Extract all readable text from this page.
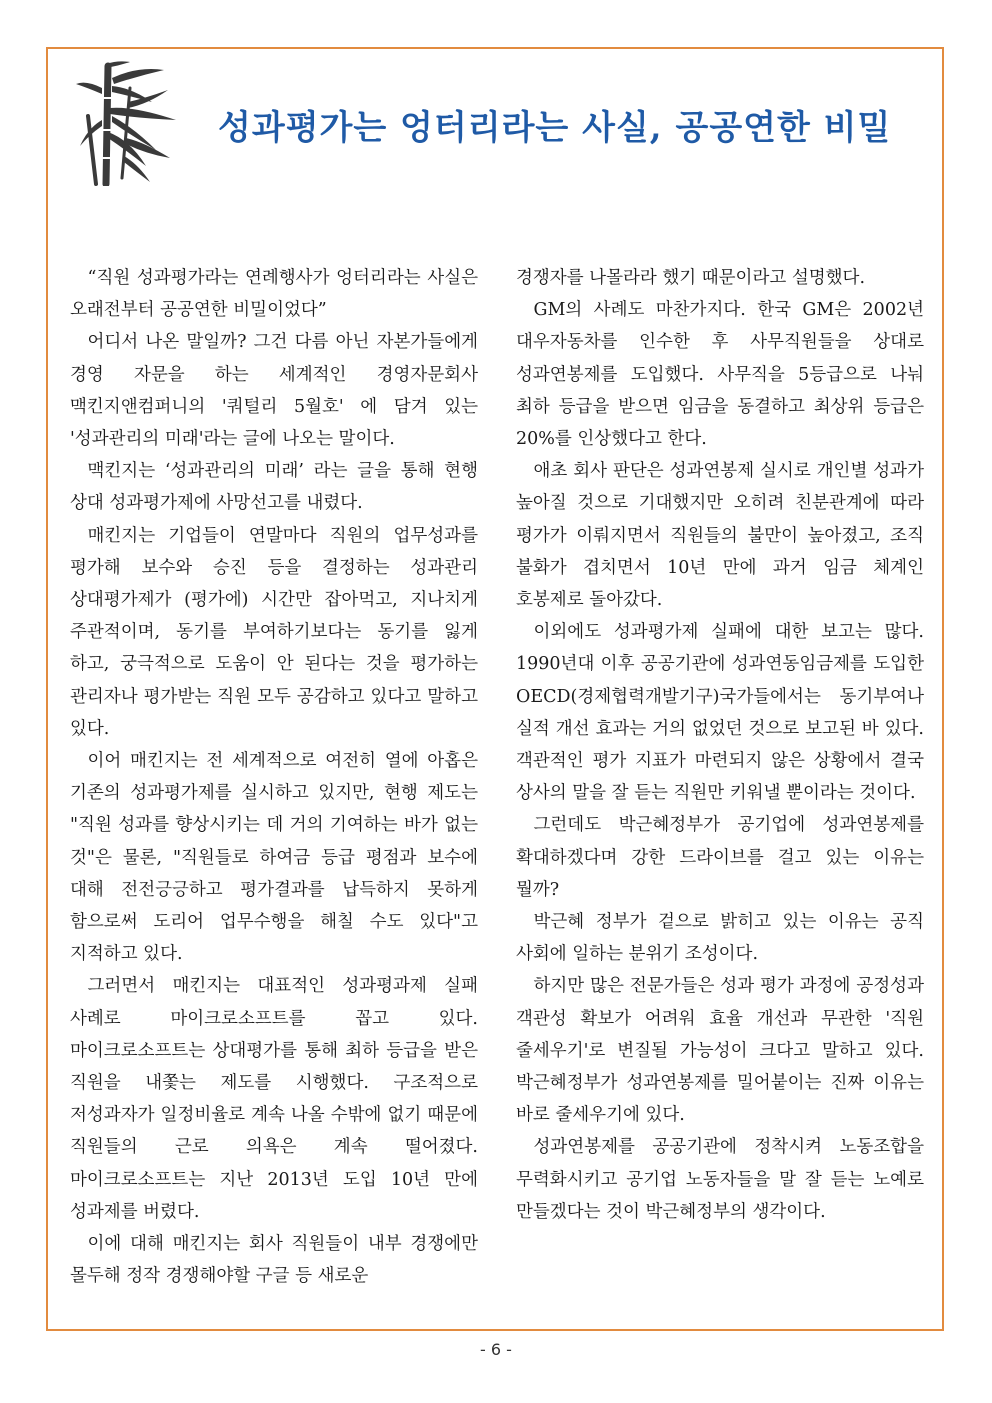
성과평가는 엉터리라는 사실, 공공연한 비밀

“직원 성과평가라는 연례행사가 엉터리라는 사실은 오래전부터 공공연한 비밀이었다”

어디서 나온 말일까? 그건 다름 아닌 자본가들에게 경영 자문을 하는 세계적인 경영자문회사 맥킨지앤컴퍼니의 '쿼털리 5월호' 에 담겨 있는 '성과관리의 미래'라는 글에 나오는 말이다.

맥킨지는 ‘성과관리의 미래’ 라는 글을 통해 현행 상대 성과평가제에 사망선고를 내렸다.

매킨지는 기업들이 연말마다 직원의 업무성과를 평가해 보수와 승진 등을 결정하는 성과관리 상대평가제가 (평가에) 시간만 잡아먹고, 지나치게 주관적이며, 동기를 부여하기보다는 동기를 잃게 하고, 궁극적으로 도움이 안 된다는 것을 평가하는 관리자나 평가받는 직원 모두 공감하고 있다고 말하고 있다.

이어 매킨지는 전 세계적으로 여전히 열에 아홉은 기존의 성과평가제를 실시하고 있지만, 현행 제도는 "직원 성과를 향상시키는 데 거의 기여하는 바가 없는 것"은 물론, "직원들로 하여금 등급 평점과 보수에 대해 전전긍긍하고 평가결과를 납득하지 못하게 함으로써 도리어 업무수행을 해칠 수도 있다"고 지적하고 있다.

그러면서 매킨지는 대표적인 성과평과제 실패 사례로 마이크로소프트를 꼽고 있다. 마이크로소프트는 상대평가를 통해 최하 등급을 받은 직원을 내쫓는 제도를 시행했다. 구조적으로 저성과자가 일정비율로 계속 나올 수밖에 없기 때문에 직원들의 근로 의욕은 계속 떨어졌다. 마이크로소프트는 지난 2013년 도입 10년 만에 성과제를 버렸다.

이에 대해 매킨지는 회사 직원들이 내부 경쟁에만 몰두해 정작 경쟁해야할 구글 등 새로운

경쟁자를 나몰라라 했기 때문이라고 설명했다.

GM의 사례도 마찬가지다. 한국 GM은 2002년 대우자동차를 인수한 후 사무직원들을 상대로 성과연봉제를 도입했다. 사무직을 5등급으로 나눠 최하 등급을 받으면 임금을 동결하고 최상위 등급은 20%를 인상했다고 한다.

애초 회사 판단은 성과연봉제 실시로 개인별 성과가 높아질 것으로 기대했지만 오히려 친분관계에 따라 평가가 이뤄지면서 직원들의 불만이 높아졌고, 조직 불화가 겹치면서 10년 만에 과거 임금 체계인 호봉제로 돌아갔다.

이외에도 성과평가제 실패에 대한 보고는 많다. 1990년대 이후 공공기관에 성과연동임금제를 도입한 OECD(경제협력개발기구)국가들에서는 동기부여나 실적 개선 효과는 거의 없었던 것으로 보고된 바 있다. 객관적인 평가 지표가 마련되지 않은 상황에서 결국 상사의 말을 잘 듣는 직원만 키워낼 뿐이라는 것이다.

그런데도 박근혜정부가 공기업에 성과연봉제를 확대하겠다며 강한 드라이브를 걸고 있는 이유는 뭘까?

박근혜 정부가 겉으로 밝히고 있는 이유는 공직 사회에 일하는 분위기 조성이다.

하지만 많은 전문가들은 성과 평가 과정에 공정성과 객관성 확보가 어려워 효율 개선과 무관한 '직원 줄세우기'로 변질될 가능성이 크다고 말하고 있다. 박근혜정부가 성과연봉제를 밀어붙이는 진짜 이유는 바로 줄세우기에 있다.

성과연봉제를 공공기관에 정착시켜 노동조합을 무력화시키고 공기업 노동자들을 말 잘 듣는 노예로 만들겠다는 것이 박근혜정부의 생각이다.

- 6 -
